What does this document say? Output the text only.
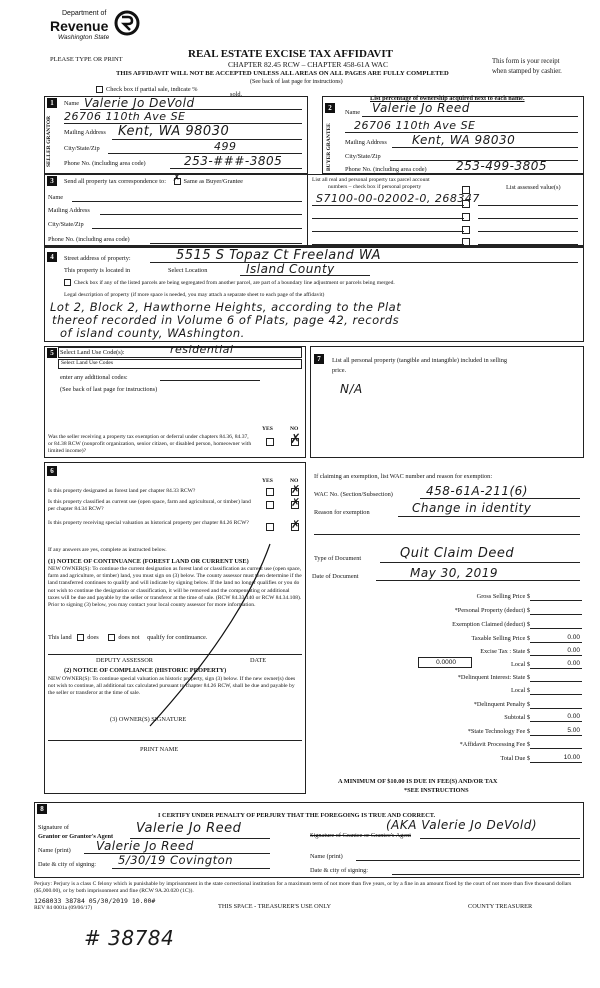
Department of
Revenue
Washington State
PLEASE TYPE OR PRINT	REAL ESTATE EXCISE TAX AFFIDAVIT
CHAPTER 82.45 RCW – CHAPTER 458-61A WAC
THIS AFFIDAVIT WILL NOT BE ACCEPTED UNLESS ALL AREAS ON ALL PAGES ARE FULLY COMPLETED
This form is your receipt
when stamped by cashier.
(See back of last page for instructions)
Check box if partial sale, indicate %
sold.
List percentage of ownership acquired next to each name.
1
SELLER GRANTOR
Name Valerie Jo DeVold
26706 110th Ave SE
Mailing Address Kent, WA 98030
City/State/Zip	499
Phone No. (including area code)	253-###-3805
2
BUYER GRANTEE
Name Valerie Jo Reed
26706 110th Ave SE
Mailing Address Kent, WA 98030
City/State/Zip
Phone No. (including area code) 253-499-3805
3	Send all property tax correspondence to: ✗ Same as Buyer/Grantee
Name
Mailing Address
City/State/Zip
Phone No. (including area code)
List all real and personal property tax parcel account
numbers – check box if personal property	List assessed value(s)
S7100-00-02002-0, 268347
4	Street address of property:	5515 S Topaz Ct Freeland WA
This property is located in	Select Location	Island County
Check box if any of the listed parcels are being segregated from another parcel, are part of a boundary line adjustment or parcels being merged.
Legal description of property (if more space is needed, you may attach a separate sheet to each page of the affidavit)
Lot 2, Block 2, Hawthorne Heights, according to the Plat
thereof recorded in Volume 6 of Plats, page 42, records
of island county, WAshington.
5 Select Land Use Code(s):	residential
Select Land Use Codes
enter any additional codes:
(See back of last page for instructions)
YES	NO
Was the seller receiving a property tax exemption or deferral under chapters 84.36, 84.37, or 84.38 RCW (nonprofit organization, senior citizen, or disabled person, homeowner with limited income)?
✗
6
YES	NO
Is this property designated as forest land per chapter 84.33 RCW?	✗
Is this property classified as current use (open space, farm and agricultural, or timber) land per chapter 84.34 RCW?	✗
Is this property receiving special valuation as historical property per chapter 84.26 RCW?	✗
If any answers are yes, complete as instructed below.
(1) NOTICE OF CONTINUANCE (FOREST LAND OR CURRENT USE)
NEW OWNER(S): To continue the current designation as forest land or classification as current use (open space, farm and agriculture, or timber) land, you must sign on (3) below. The county assessor must then determine if the land transferred continues to qualify and will indicate by signing below. If the land no longer qualifies or you do not wish to continue the designation or classification, it will be removed and the compensating or additional taxes will be due and payable by the seller or transferor at the time of sale. (RCW 84.33.140 or RCW 84.34.108). Prior to signing (3) below, you may contact your local county assessor for more information.
This land does	does not qualify for continuance.
DEPUTY ASSESSOR	DATE
(2) NOTICE OF COMPLIANCE (HISTORIC PROPERTY)
NEW OWNER(S): To continue special valuation as historic property, sign (3) below. If the new owner(s) does not wish to continue, all additional tax calculated pursuant to chapter 84.26 RCW, shall be due and payable by the seller or transferor at the time of sale.
(3) OWNER(S) SIGNATURE
PRINT NAME
7	List all personal property (tangible and intangible) included in selling
price.
N/A
If claiming an exemption, list WAC number and reason for exemption:
WAC No. (Section/Subsection)	458-61A-211(6)
Reason for exemption	Change in identity
Type of Document	Quit Claim Deed
Date of Document	May 30, 2019
Gross Selling Price $
*Personal Property (deduct) $
Exemption Claimed (deduct) $
Taxable Selling Price $	0.00
Excise Tax : State $	0.00
0.0000	Local $	0.00
*Delinquent Interest: State $
Local $
*Delinquent Penalty $
Subtotal $	0.00
*State Technology Fee $	5.00
*Affidavit Processing Fee $
Total Due $	10.00
A MINIMUM OF $10.00 IS DUE IN FEE(S) AND/OR TAX
*SEE INSTRUCTIONS
8
I CERTIFY UNDER PENALTY OF PERJURY THAT THE FOREGOING IS TRUE AND CORRECT.
Signature of
Grantor or Grantor's Agent
Valerie Jo Reed	Signature of Grantee or Grantee's Agent
(AKA Valerie Jo DeVold)
Name (print) Valerie Jo Reed
Name (print)
Date & city of signing: 5/30/19 Covington
Date & city of signing:
Perjury: Perjury is a class C felony which is punishable by imprisonment in the state correctional institution for a maximum term of not more than five years, or by a fine in an amount fixed by the court of not more than five thousand dollars ($5,000.00), or by both imprisonment and fine (RCW 9A.20.020 (1C)).
1268033 38784 05/30/2019 10.00#
REV 84 0001a (09/06/17)	THIS SPACE - TREASURER'S USE ONLY	COUNTY TREASURER
# 38784
